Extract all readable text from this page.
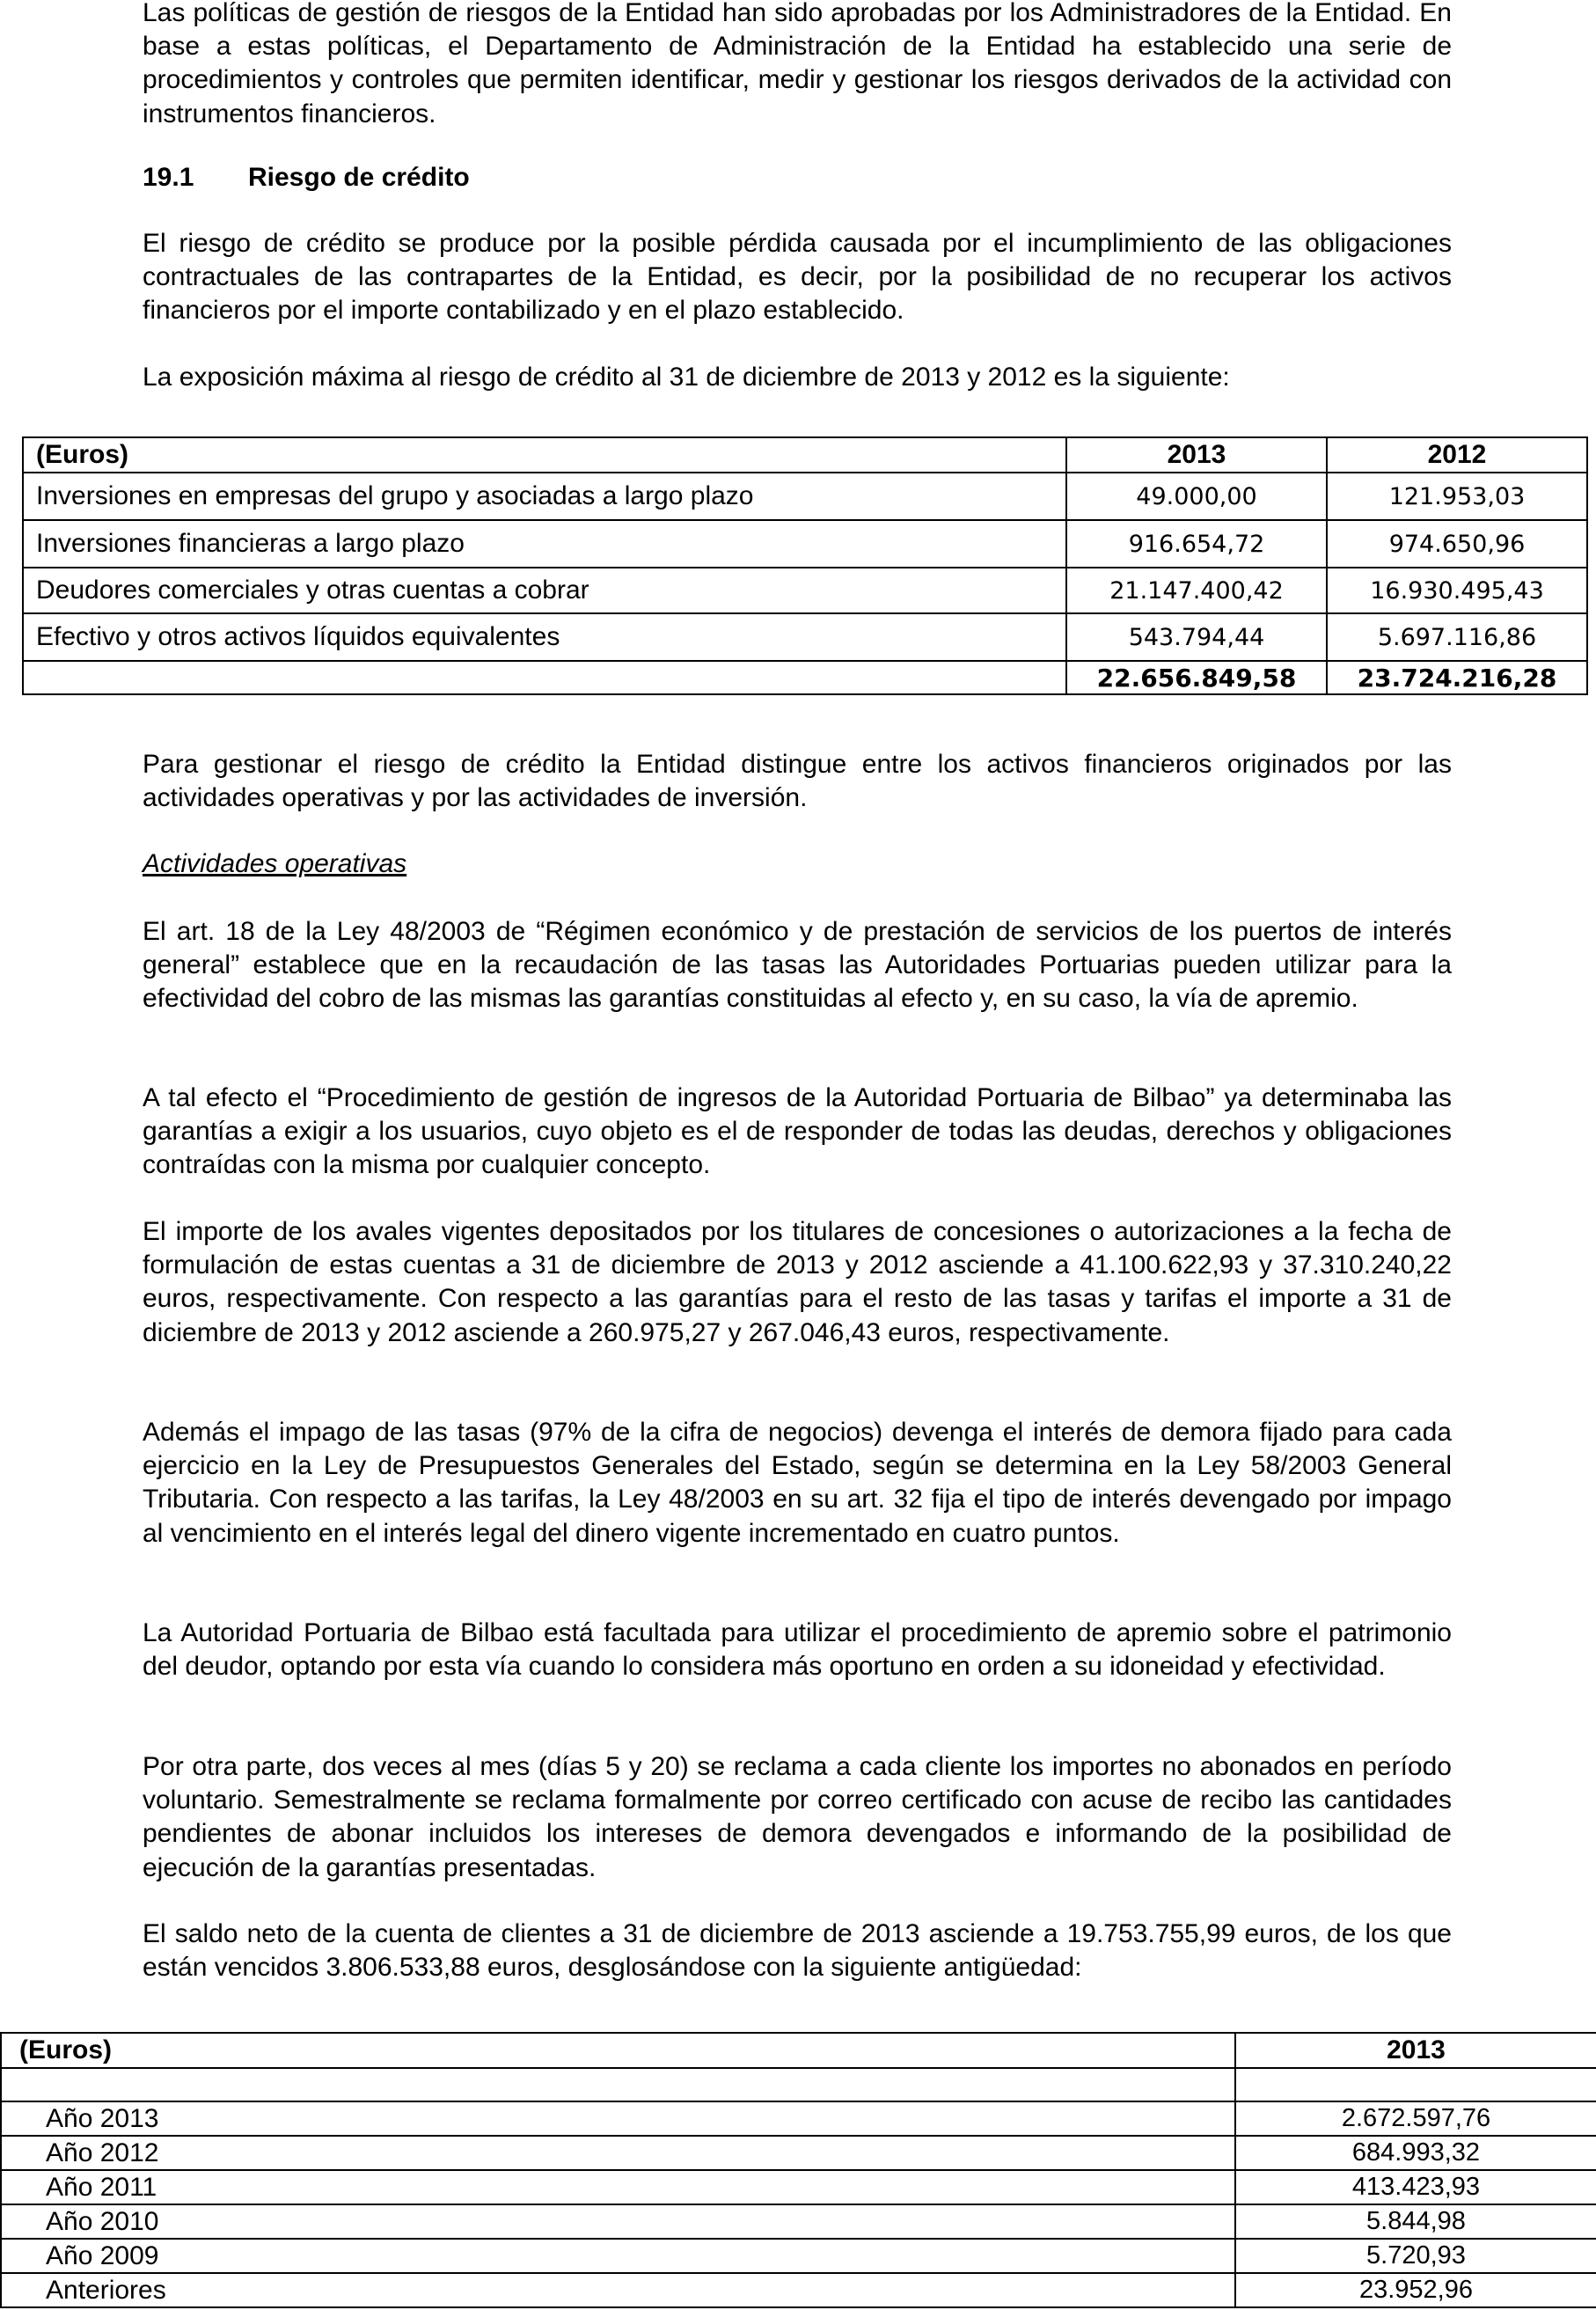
Las políticas de gestión de riesgos de la Entidad han sido aprobadas por los Administradores de la Entidad. En base a estas políticas, el Departamento de Administración de la Entidad ha establecido una serie de procedimientos y controles que permiten identificar, medir y gestionar los riesgos derivados de la actividad con instrumentos financieros.

19.1 Riesgo de crédito

El riesgo de crédito se produce por la posible pérdida causada por el incumplimiento de las obligaciones contractuales de las contrapartes de la Entidad, es decir, por la posibilidad de no recuperar los activos financieros por el importe contabilizado y en el plazo establecido.

La exposición máxima al riesgo de crédito al 31 de diciembre de 2013 y 2012 es la siguiente:

(Euros)	2013	2012
Inversiones en empresas del grupo y asociadas a largo plazo	49.000,00	121.953,03
Inversiones financieras a largo plazo	916.654,72	974.650,96
Deudores comerciales y otras cuentas a cobrar	21.147.400,42	16.930.495,43
Efectivo y otros activos líquidos equivalentes	543.794,44	5.697.116,86
	22.656.849,58	23.724.216,28

Para gestionar el riesgo de crédito la Entidad distingue entre los activos financieros originados por las actividades operativas y por las actividades de inversión.

Actividades operativas

El art. 18 de la Ley 48/2003 de “Régimen económico y de prestación de servicios de los puertos de interés general” establece que en la recaudación de las tasas las Autoridades Portuarias pueden utilizar para la efectividad del cobro de las mismas las garantías constituidas al efecto y, en su caso, la vía de apremio.

A tal efecto el “Procedimiento de gestión de ingresos de la Autoridad Portuaria de Bilbao” ya determinaba las garantías a exigir a los usuarios, cuyo objeto es el de responder de todas las deudas, derechos y obligaciones contraídas con la misma por cualquier concepto.

El importe de los avales vigentes depositados por los titulares de concesiones o autorizaciones a la fecha de formulación de estas cuentas a 31 de diciembre de 2013 y 2012 asciende a 41.100.622,93 y 37.310.240,22 euros, respectivamente. Con respecto a las garantías para el resto de las tasas y tarifas el importe a 31 de diciembre de 2013 y 2012 asciende a 260.975,27 y 267.046,43 euros, respectivamente.

Además el impago de las tasas (97% de la cifra de negocios) devenga el interés de demora fijado para cada ejercicio en la Ley de Presupuestos Generales del Estado, según se determina en la Ley 58/2003 General Tributaria. Con respecto a las tarifas, la Ley 48/2003 en su art. 32 fija el tipo de interés devengado por impago al vencimiento en el interés legal del dinero vigente incrementado en cuatro puntos.

La Autoridad Portuaria de Bilbao está facultada para utilizar el procedimiento de apremio sobre el patrimonio del deudor, optando por esta vía cuando lo considera más oportuno en orden a su idoneidad y efectividad.

Por otra parte, dos veces al mes (días 5 y 20) se reclama a cada cliente los importes no abonados en período voluntario. Semestralmente se reclama formalmente por correo certificado con acuse de recibo las cantidades pendientes de abonar incluidos los intereses de demora devengados e informando de la posibilidad de ejecución de la garantías presentadas.

El saldo neto de la cuenta de clientes a 31 de diciembre de 2013 asciende a 19.753.755,99 euros, de los que están vencidos 3.806.533,88 euros, desglosándose con la siguiente antigüedad:

(Euros)	2013

Año 2013	2.672.597,76
Año 2012	684.993,32
Año 2011	413.423,93
Año 2010	5.844,98
Año 2009	5.720,93
Anteriores	23.952,96
